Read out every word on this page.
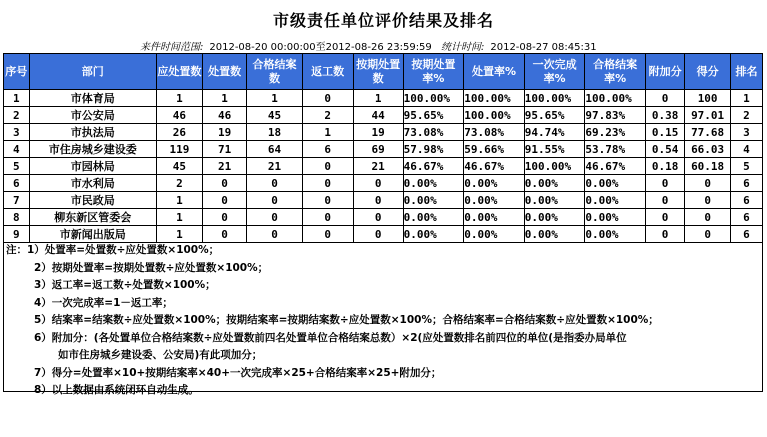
市级责任单位评价结果及排名
来件时间范围: 2012-08-20 00:00:00至2012-08-26 23:59:59 统计时间: 2012-08-27 08:45:31
序号	部门	应处置数	处置数	合格结案数	返工数	按期处置数	按期处置率%	处置率%	一次完成率%	合格结案率%	附加分	得分	排名
1	市体育局	1	1	1	0	1	100.00%	100.00%	100.00%	100.00%	0	100	1
2	市公安局	46	46	45	2	44	95.65%	100.00%	95.65%	97.83%	0.38	97.01	2
3	市执法局	26	19	18	1	19	73.08%	73.08%	94.74%	69.23%	0.15	77.68	3
4	市住房城乡建设委	119	71	64	6	69	57.98%	59.66%	91.55%	53.78%	0.54	66.03	4
5	市园林局	45	21	21	0	21	46.67%	46.67%	100.00%	46.67%	0.18	60.18	5
6	市水利局	2	0	0	0	0	0.00%	0.00%	0.00%	0.00%	0	0	6
7	市民政局	1	0	0	0	0	0.00%	0.00%	0.00%	0.00%	0	0	6
8	柳东新区管委会	1	0	0	0	0	0.00%	0.00%	0.00%	0.00%	0	0	6
9	市新闻出版局	1	0	0	0	0	0.00%	0.00%	0.00%	0.00%	0	0	6
注：1）处置率=处置数÷应处置数×100%；
2）按期处置率=按期处置数÷应处置数×100%；
3）返工率=返工数÷处置数×100%；
4）一次完成率=1－返工率；
5）结案率=结案数÷应处置数×100%；按期结案率=按期结案数÷应处置数×100%；合格结案率=合格结案数÷应处置数×100%；
6）附加分：(各处置单位合格结案数÷应处置数前四名处置单位合格结案总数）×2(应处置数排名前四位的单位(是指委办局单位
如市住房城乡建设委、公安局)有此项加分；
7）得分=处置率×10+按期结案率×40+一次完成率×25+合格结案率×25+附加分；
8）以上数据由系统闭环自动生成。
